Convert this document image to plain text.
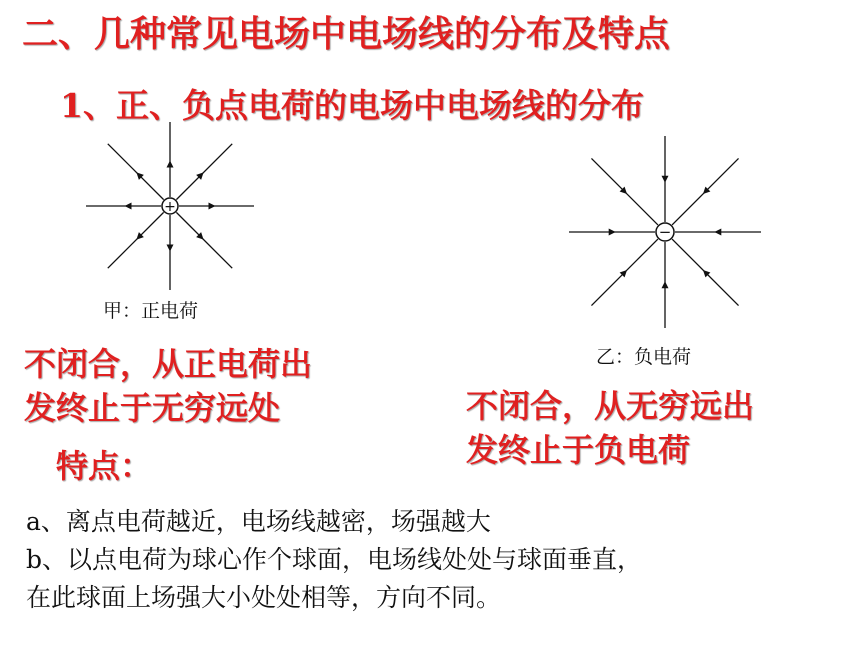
二、几种常见电场中电场线的分布及特点
1、正、负点电荷的电场中电场线的分布
+
甲：正电荷
−
乙：负电荷
不闭合，从正电荷出
发终止于无穷远处	不闭合，从无穷远出
发终止于负电荷
特点：
a、离点电荷越近，电场线越密，场强越大
b、以点电荷为球心作个球面，电场线处处与球面垂直，
在此球面上场强大小处处相等，方向不同。
